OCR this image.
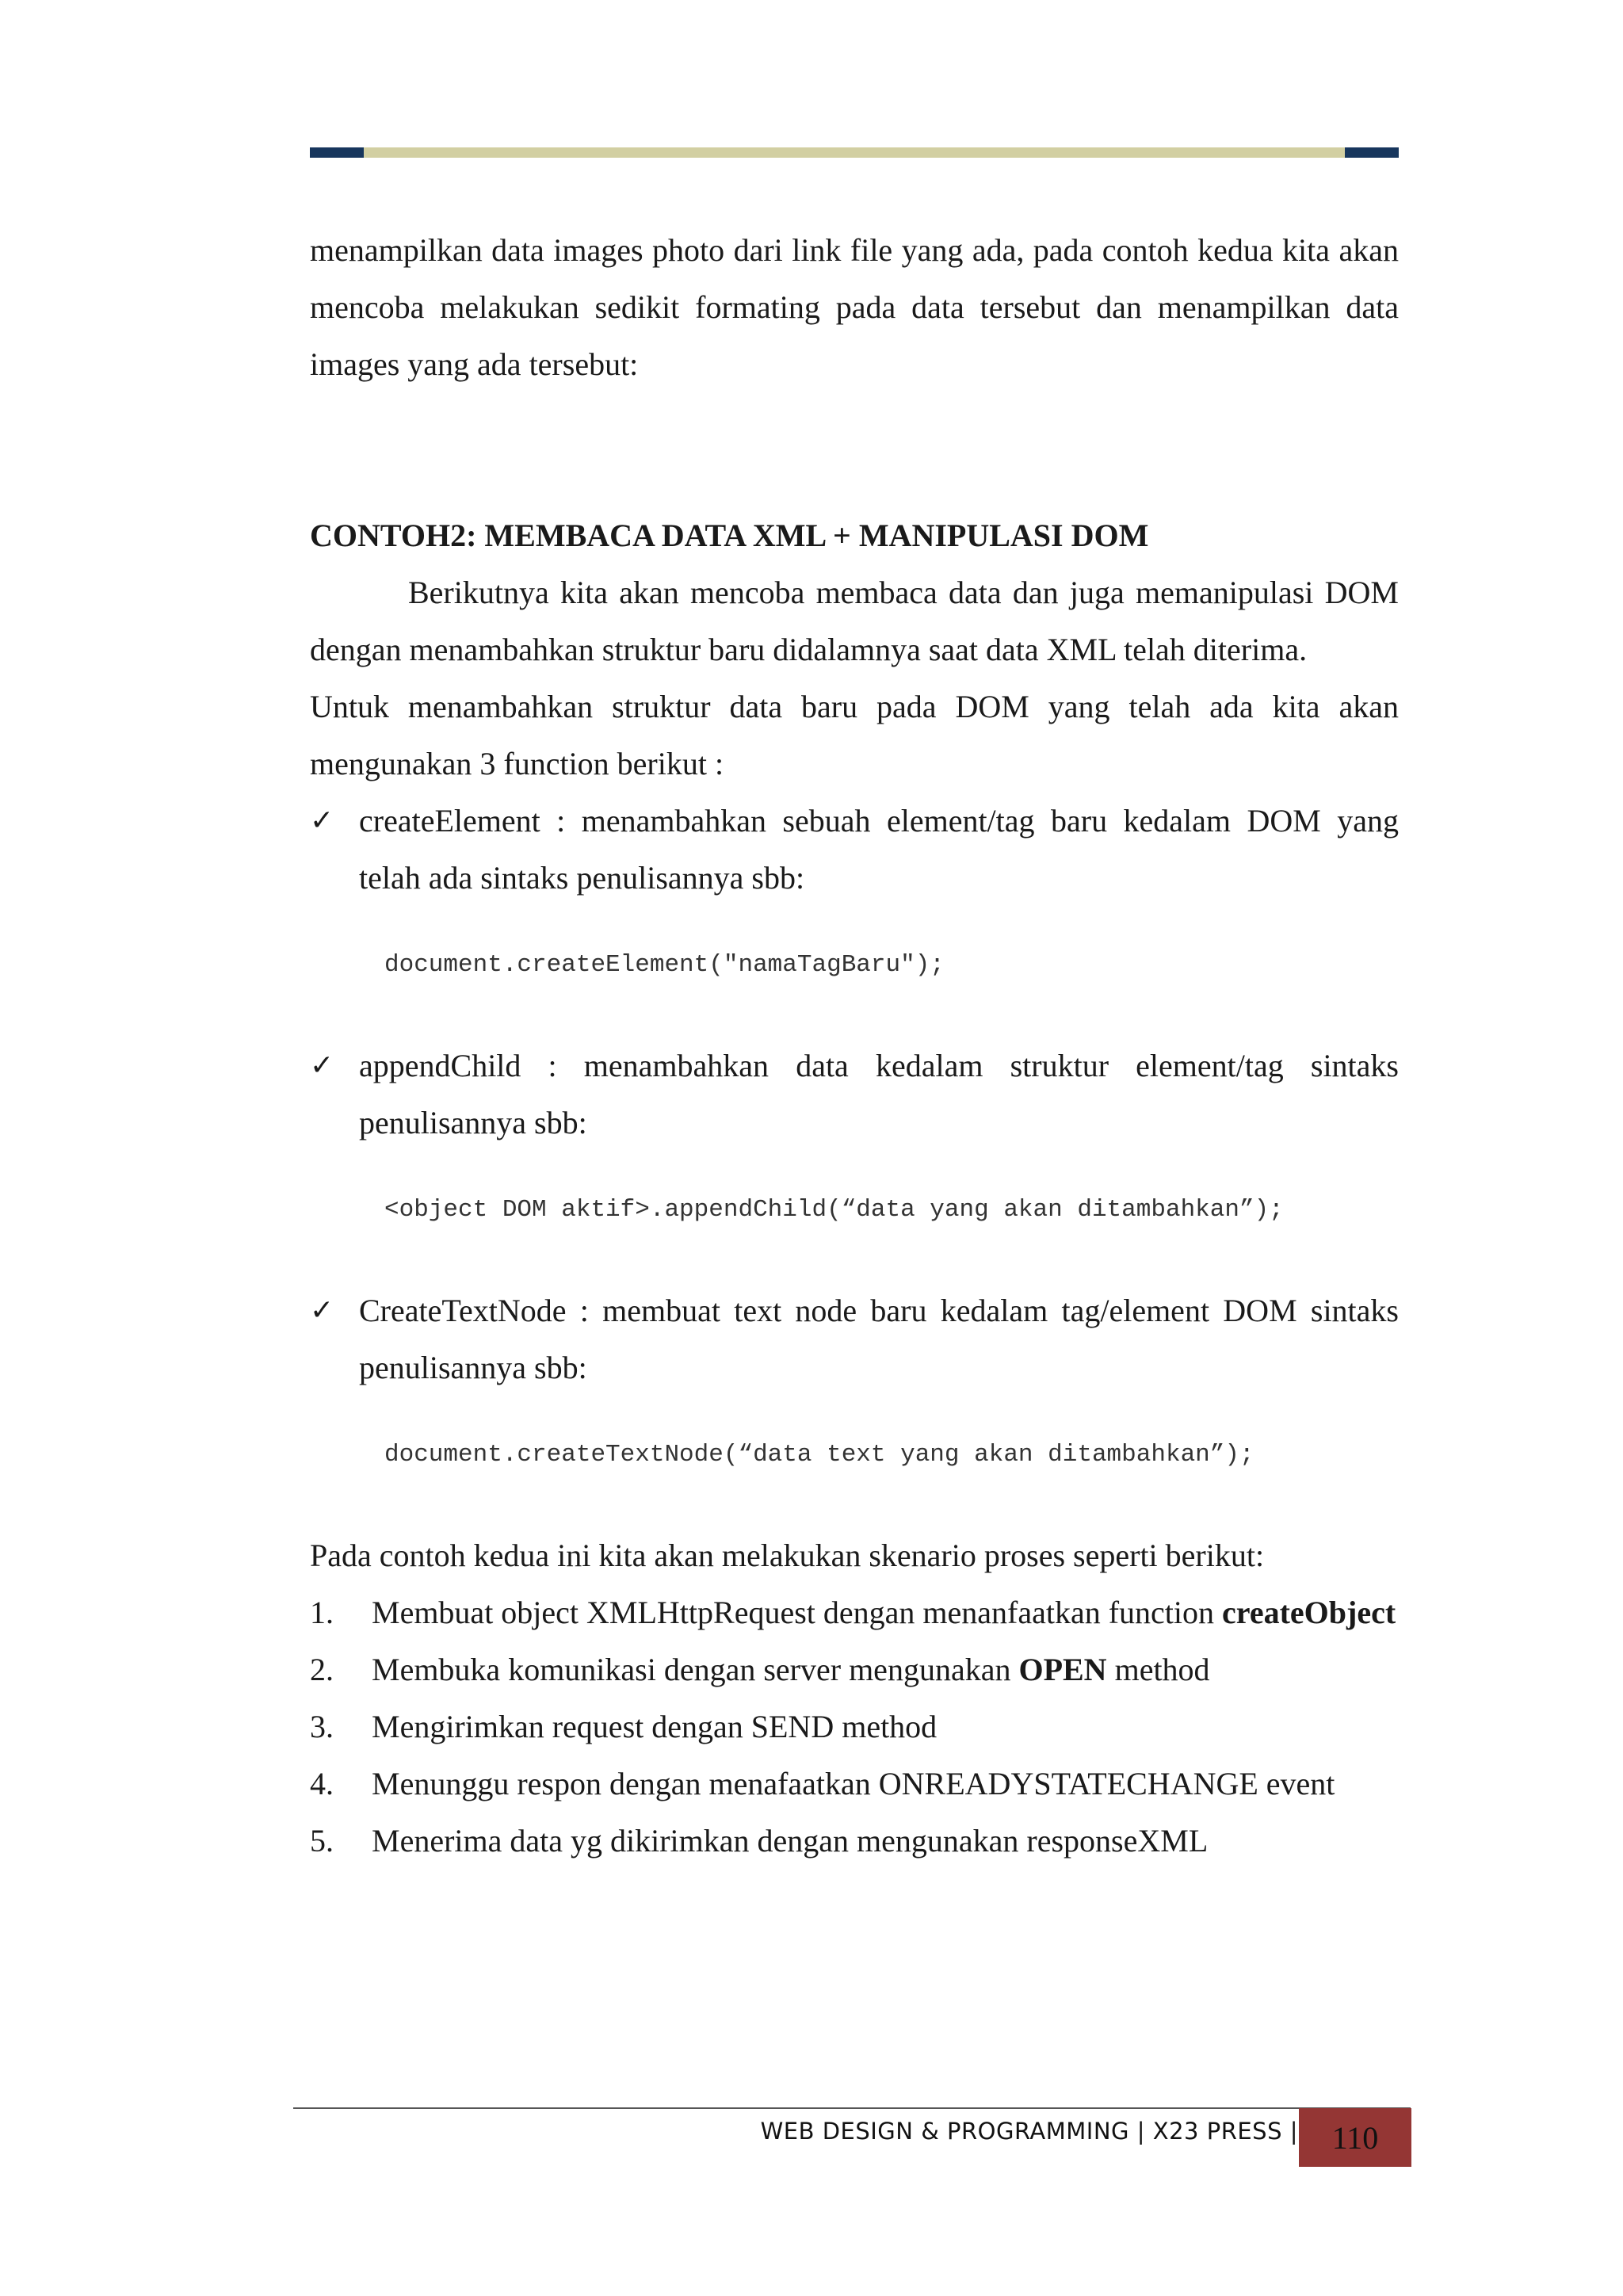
menampilkan data images photo dari link file yang ada, pada contoh kedua kita akan mencoba melakukan sedikit formating pada data tersebut dan menampilkan data images yang ada tersebut:

CONTOH2: MEMBACA DATA XML + MANIPULASI DOM

Berikutnya kita akan mencoba membaca data dan juga memanipulasi DOM dengan menambahkan struktur baru didalamnya saat data XML telah diterima.

Untuk menambahkan struktur data baru pada DOM yang telah ada kita akan mengunakan 3 function berikut :

✓ createElement : menambahkan sebuah element/tag baru kedalam DOM yang telah ada sintaks penulisannya sbb:
document.createElement("namaTagBaru");
✓ appendChild : menambahkan data kedalam struktur element/tag sintaks penulisannya sbb:
<object DOM aktif>.appendChild(“data yang akan ditambahkan”);
✓ CreateTextNode : membuat text node baru kedalam tag/element DOM sintaks penulisannya sbb:
document.createTextNode(“data text yang akan ditambahkan”);

Pada contoh kedua ini kita akan melakukan skenario proses seperti berikut:

1. Membuat object XMLHttpRequest dengan menanfaatkan function createObject
2. Membuka komunikasi dengan server mengunakan OPEN method
3. Mengirimkan request dengan SEND method
4. Menunggu respon dengan menafaatkan ONREADYSTATECHANGE event
5. Menerima data yg dikirimkan dengan mengunakan responseXML
WEB DESIGN & PROGRAMMING | X23 PRESS |	110
